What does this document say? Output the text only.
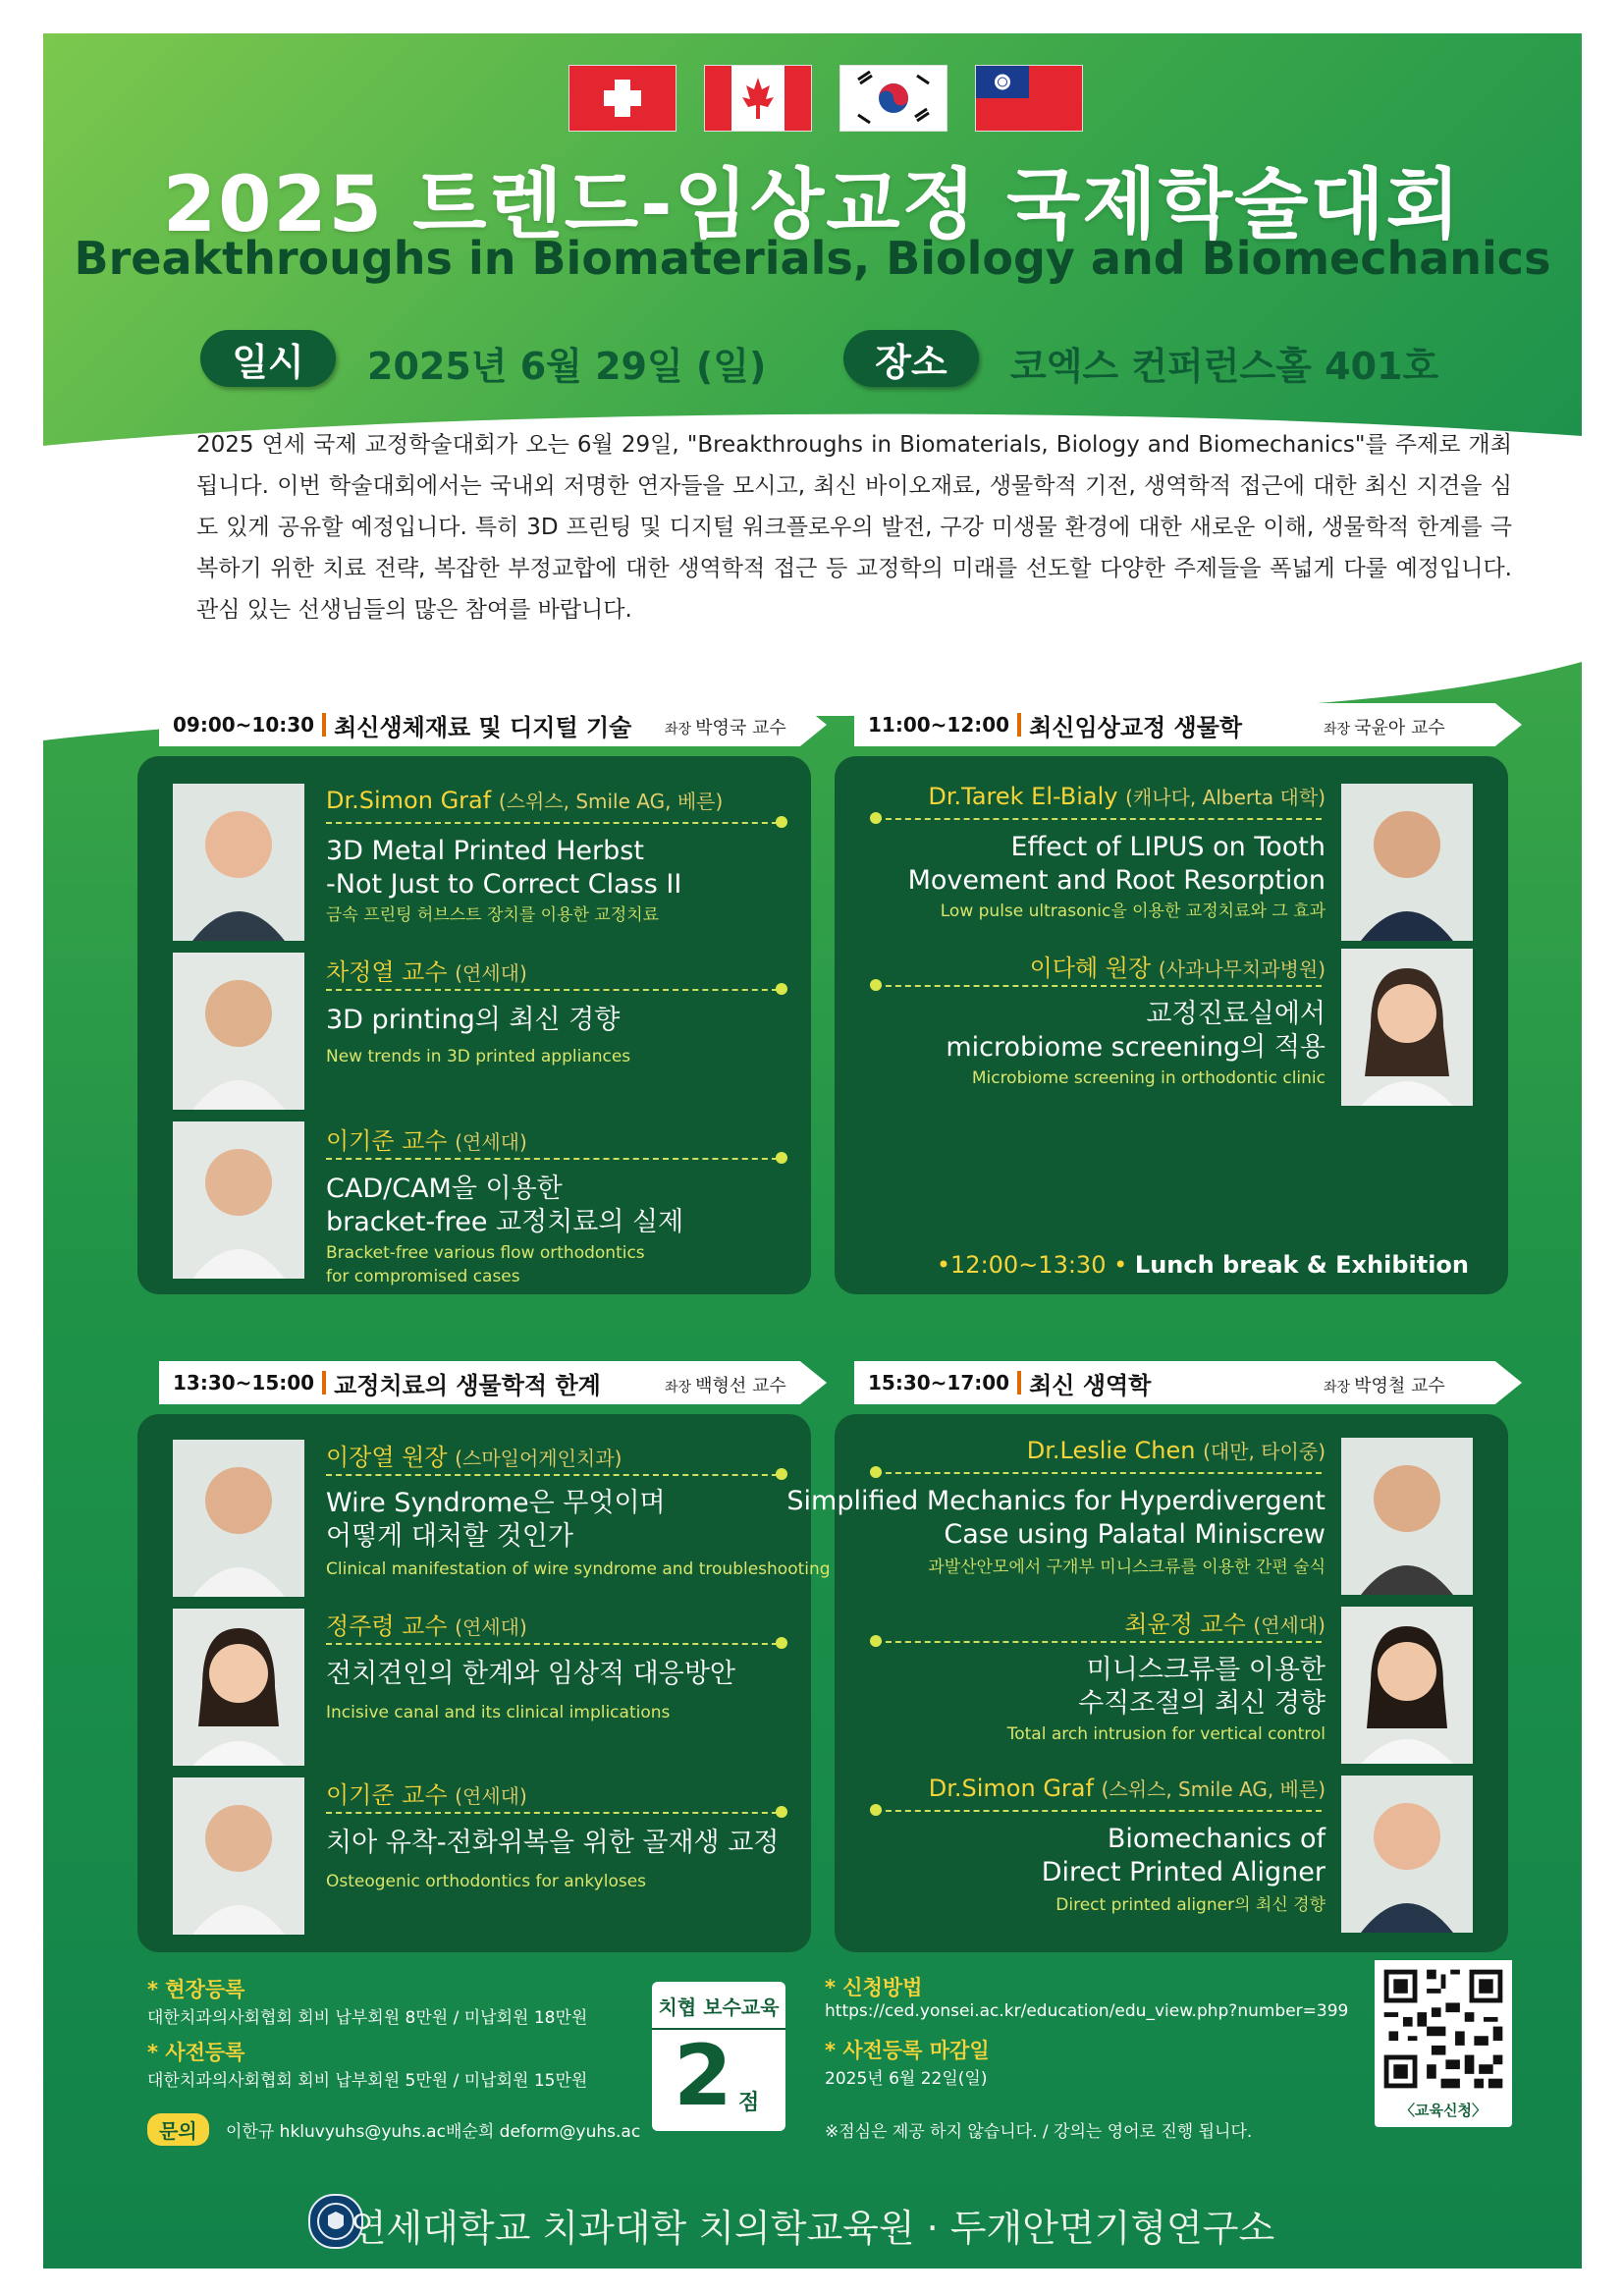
2025 트렌드-임상교정 국제학술대회
Breakthroughs in Biomaterials, Biology and Biomechanics
일시	2025년 6월 29일 (일)	장소	코엑스 컨퍼런스홀 401호
2025 연세 국제 교정학술대회가 오는 6월 29일, "Breakthroughs in Biomaterials, Biology and Biomechanics"를 주제로 개최됩니다. 이번 학술대회에서는 국내외 저명한 연자들을 모시고, 최신 바이오재료, 생물학적 기전, 생역학적 접근에 대한 최신 지견을 심도 있게 공유할 예정입니다. 특히 3D 프린팅 및 디지털 워크플로우의 발전, 구강 미생물 환경에 대한 새로운 이해, 생물학적 한계를 극복하기 위한 치료 전략, 복잡한 부정교합에 대한 생역학적 접근 등 교정학의 미래를 선도할 다양한 주제들을 폭넓게 다룰 예정입니다. 관심 있는 선생님들의 많은 참여를 바랍니다.
09:00~10:30 최신생체재료 및 디지털 기술 좌장 박영국 교수
Dr.Simon Graf (스위스, Smile AG, 베른)
3D Metal Printed Herbst
-Not Just to Correct Class II
금속 프린팅 허브스트 장치를 이용한 교정치료
차정열 교수 (연세대)
3D printing의 최신 경향
New trends in 3D printed appliances
이기준 교수 (연세대)
CAD/CAM을 이용한
bracket-free 교정치료의 실제
Bracket-free various flow orthodontics
for compromised cases
11:00~12:00 최신임상교정 생물학	좌장 국윤아 교수
Dr.Tarek El-Bialy (캐나다, Alberta 대학)
Effect of LIPUS on Tooth
Movement and Root Resorption
Low pulse ultrasonic을 이용한 교정치료와 그 효과
이다혜 원장 (사과나무치과병원)
교정진료실에서
microbiome screening의 적용
Microbiome screening in orthodontic clinic
•12:00~13:30 • Lunch break & Exhibition
13:30~15:00 교정치료의 생물학적 한계	좌장 백형선 교수
이장열 원장 (스마일어게인치과)
Wire Syndrome은 무엇이며
어떻게 대처할 것인가
Clinical manifestation of wire syndrome and troubleshooting
정주령 교수 (연세대)
전치견인의 한계와 임상적 대응방안
Incisive canal and its clinical implications
이기준 교수 (연세대)
치아 유착-전화위복을 위한 골재생 교정
Osteogenic orthodontics for ankyloses
15:30~17:00 최신 생역학	좌장 박영철 교수
Dr.Leslie Chen (대만, 타이중)
Simplified Mechanics for Hyperdivergent
Case using Palatal Miniscrew
과발산안모에서 구개부 미니스크류를 이용한 간편 술식
최윤정 교수 (연세대)
미니스크류를 이용한
수직조절의 최신 경향
Total arch intrusion for vertical control
Dr.Simon Graf (스위스, Smile AG, 베른)
Biomechanics of
Direct Printed Aligner
Direct printed aligner의 최신 경향
* 현장등록
대한치과의사회협회 회비 납부회원 8만원 / 미납회원 18만원
* 사전등록
대한치과의사회협회 회비 납부회원 5만원 / 미납회원 15만원
치협 보수교육
2 점
* 신청방법
https://ced.yonsei.ac.kr/education/edu_view.php?number=399
* 사전등록 마감일
2025년 6월 22일(일)
※점심은 제공 하지 않습니다. / 강의는 영어로 진행 됩니다.
〈교육신청〉
문의	이한규 hkluvyuhs@yuhs.ac 배순희 deform@yuhs.ac
연세대학교 치과대학 치의학교육원 · 두개안면기형연구소
